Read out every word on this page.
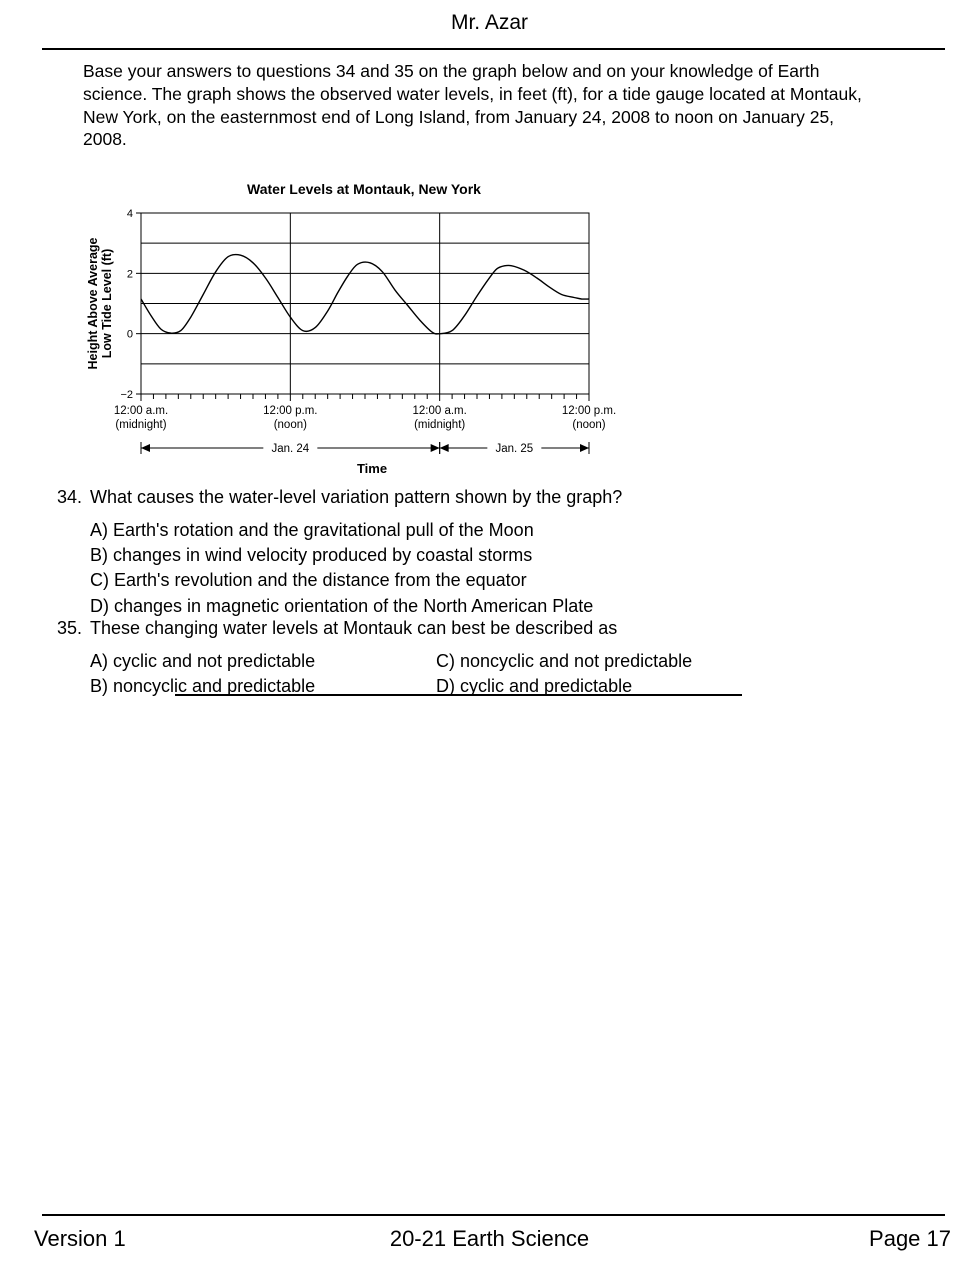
Mr. Azar
Base your answers to questions 34 and 35 on the graph below and on your knowledge of Earth science. The graph shows the observed water levels, in feet (ft), for a tide gauge located at Montauk, New York, on the easternmost end of Long Island, from January 24, 2008 to noon on January 25, 2008.
Water Levels at Montauk, New York
4
2
0
−2
12:00 a.m.
(midnight)
12:00 p.m.
(noon)
12:00 a.m.
(midnight)
12:00 p.m.
(noon)
Height Above Average Low Tide Level (ft)
Jan. 24	Jan. 25
Time
34. What causes the water-level variation pattern shown by the graph?
A) Earth's rotation and the gravitational pull of the Moon
B) changes in wind velocity produced by coastal storms
C) Earth's revolution and the distance from the equator
D) changes in magnetic orientation of the North American Plate
35. These changing water levels at Montauk can best be described as
A) cyclic and not predictable
B) noncyclic and predictable
C) noncyclic and not predictable
D) cyclic and predictable
Version 1	20-21 Earth Science	Page 17
